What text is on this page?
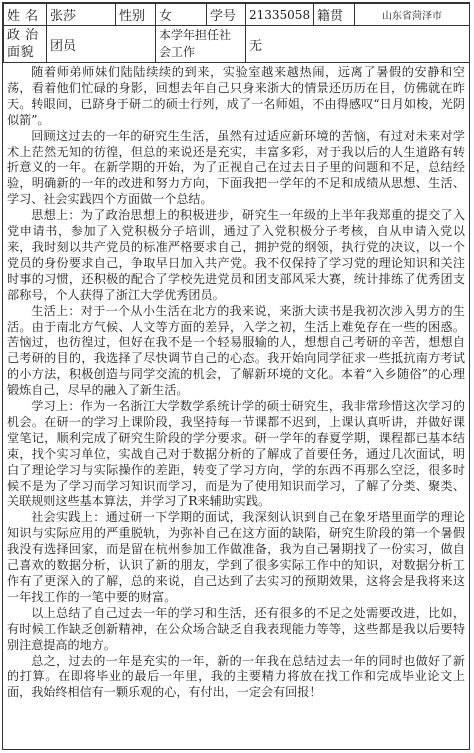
姓 名	张莎	性别	女	学号	21335058	籍贯	山东省菏泽市
政 治面貌	团员		本学年担任社会工作		无		

随着师弟师妹们陆陆续续的到来，实验室越来越热闹，远离了暑假的安静和空荡，看着他们忙碌的身影，回想去年自己只身来浙大的情景还历历在目，仿佛就在昨天。转眼间，已跻身于研二的硕士行列，成了一名师姐，不由得感叹“日月如梭，光阴似箭”。

回顾这过去的一年的研究生生活，虽然有过适应新环境的苦恼，有过对未来对学术上茫然无知的彷徨，但总的来说还是充实，丰富多彩，对于我以后的人生道路有转折意义的一年。在新学期的开始，为了正视自己在过去日子里的问题和不足，总结经验，明确新的一年的改进和努力方向，下面我把一学年的不足和成绩从思想、生活、学习、社会实践四个方面做一个总结。

思想上：为了政治思想上的积极进步，研究生一年级的上半年我郑重的提交了入党申请书，参加了入党积极分子培训，通过了入党积极分子考核，自从申请入党以来，我时刻以共产党员的标准严格要求自己，拥护党的纲领，执行党的决议，以一个党员的身份要求自己，争取早日加入共产党。我不仅保持了学习党的理论知识和关注时事的习惯，还积极的配合了学校先进党员和团支部风采大赛，统计排练了优秀团支部称号，个人获得了浙江大学优秀团员。

生活上：对于一个从小生活在北方的我来说，来浙大读书是我初次涉入男方的生活。由于南北方气候、人文等方面的差异，入学之初，生活上难免存在一些的困惑。苦恼过，也彷徨过，但好在我不是一个轻易服输的人，想想自己考研的辛苦，想想自己考研的目的，我选择了尽快调节自己的心态。我开始向同学征求一些抵抗南方考试的小方法，积极创造与同学交流的机会，了解新环境的文化。本着“入乡随俗”的心理锻炼自己，尽早的融入了新生活。

学习上：作为一名浙江大学数学系统计学的硕士研究生，我非常珍惜这次学习的机会。在研一的学习上课阶段，我坚持每一节课都不迟到，上课认真听讲，并做好课堂笔记，顺利完成了研究生阶段的学分要求。研一学年的春夏学期，课程都已基本结束，找个实习单位，实战自己对于数据分析的了解成了首要任务，通过几次面试，明白了理论学习与实际操作的差距，转变了学习方向，学的东西不再那么空泛，很多时候不是为了学习而学习知识而学习，而是为了使用知识而学习，了解了分类、聚类、关联规则这些基本算法，并学习了R来辅助实践。

社会实践上：通过研一下学期的面试，我深刻认识到自己在象牙塔里面学的理论知识与实际应用的严重脱轨，为弥补自己在这方面的缺陷，研究生阶段的第一个暑假我没有选择回家，而是留在杭州参加工作做准备，我为自己暑期找了一份实习，做自己喜欢的数据分析，认识了新的朋友，学到了很多实际工作中的知识，对数据分析工作有了更深入的了解，总的来说，自己达到了去实习的预期效果，这将会是我将来这一年找工作的一笔中要的财富。

以上总结了自己过去一年的学习和生活，还有很多的不足之处需要改进，比如，有时候工作缺乏创新精神，在公众场合缺乏自我表现能力等等，这些都是我以后要特别注意提高的地方。

总之，过去的一年是充实的一年，新的一年我在总结过去一年的同时也做好了新的打算。在即将毕业的最后一年里，我的主要精力将放在找工作和完成毕业论文上面，我始终相信有一颗乐观的心，有付出，一定会有回报！
